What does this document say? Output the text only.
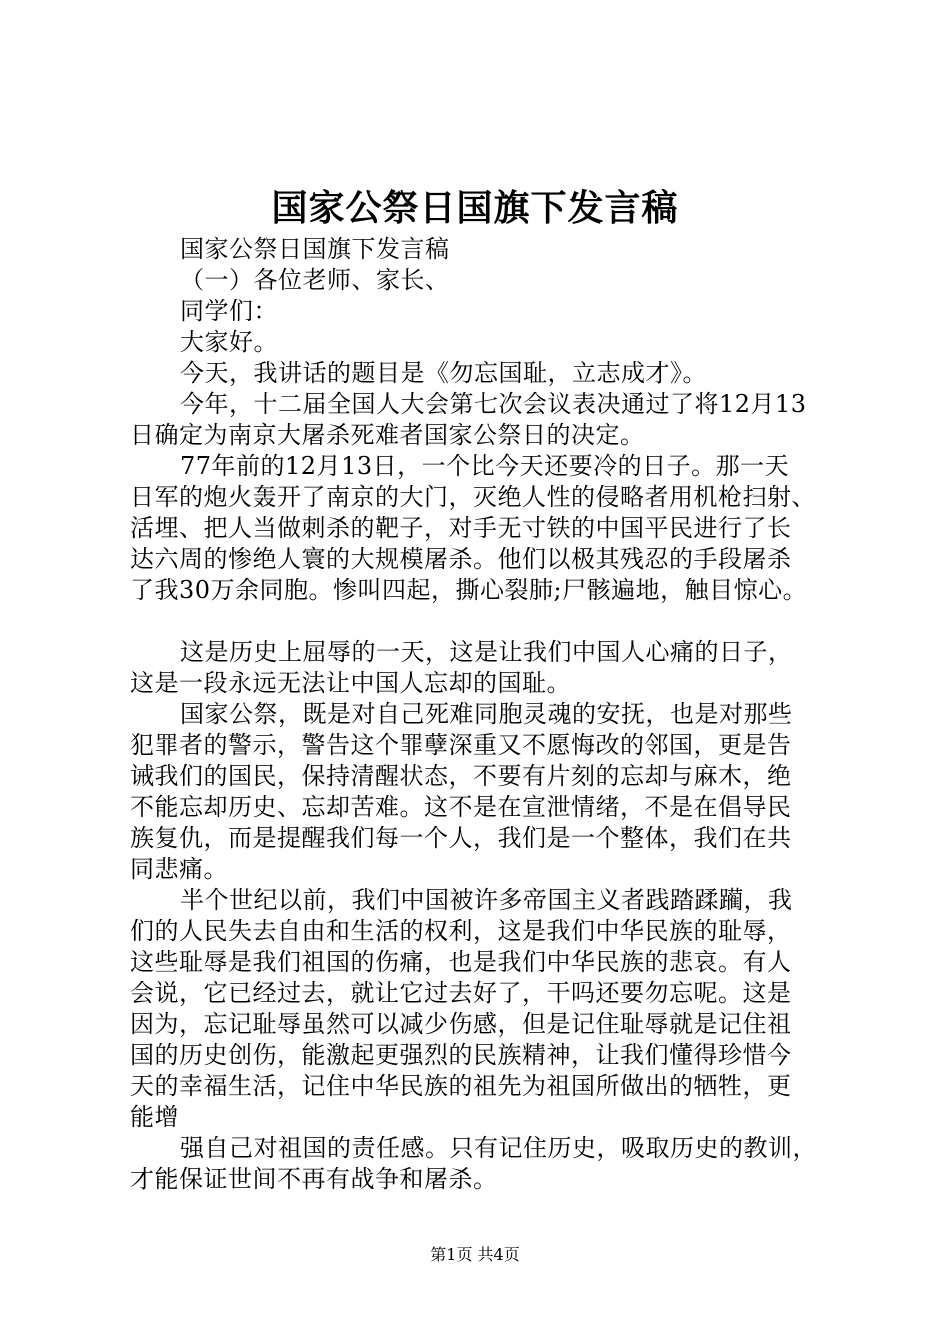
国家公祭日国旗下发言稿
国家公祭日国旗下发言稿
（一）各位老师、家长、
同学们：
大家好。
今天，我讲话的题目是《勿忘国耻，立志成才》。
今年，十二届全国人大会第七次会议表决通过了将12月13
日确定为南京大屠杀死难者国家公祭日的决定。
77年前的12月13日，一个比今天还要冷的日子。那一天
日军的炮火轰开了南京的大门，灭绝人性的侵略者用机枪扫射、
活埋、把人当做刺杀的靶子，对手无寸铁的中国平民进行了长
达六周的惨绝人寰的大规模屠杀。他们以极其残忍的手段屠杀
了我30万余同胞。惨叫四起，撕心裂肺;尸骸遍地，触目惊心。
这是历史上屈辱的一天，这是让我们中国人心痛的日子，
这是一段永远无法让中国人忘却的国耻。
国家公祭，既是对自己死难同胞灵魂的安抚，也是对那些
犯罪者的警示，警告这个罪孽深重又不愿悔改的邻国，更是告
诫我们的国民，保持清醒状态，不要有片刻的忘却与麻木，绝
不能忘却历史、忘却苦难。这不是在宣泄情绪，不是在倡导民
族复仇，而是提醒我们每一个人，我们是一个整体，我们在共
同悲痛。
半个世纪以前，我们中国被许多帝国主义者践踏蹂躏，我
们的人民失去自由和生活的权利，这是我们中华民族的耻辱，
这些耻辱是我们祖国的伤痛，也是我们中华民族的悲哀。有人
会说，它已经过去，就让它过去好了，干吗还要勿忘呢。这是
因为，忘记耻辱虽然可以减少伤感，但是记住耻辱就是记住祖
国的历史创伤，能激起更强烈的民族精神，让我们懂得珍惜今
天的幸福生活，记住中华民族的祖先为祖国所做出的牺牲，更
能增
强自己对祖国的责任感。只有记住历史，吸取历史的教训，
才能保证世间不再有战争和屠杀。
第1页 共4页
